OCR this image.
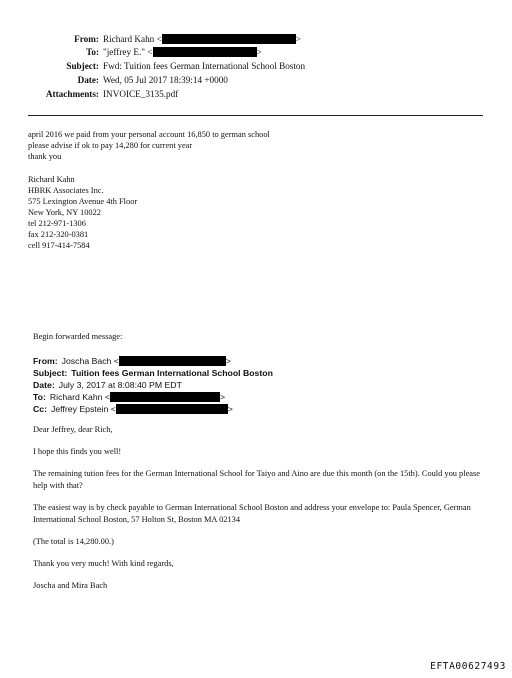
From: Richard Kahn <	>
To: "jeffrey E." <	>
Subject: Fwd: Tuition fees German International School Boston
Date: Wed, 05 Jul 2017 18:39:14 +0000
Attachments: INVOICE_3135.pdf
april 2016 we paid from your personal account 16,850 to german school
please advise if ok to pay 14,280 for current year
thank you
Richard Kahn
HBRK Associates Inc.
575 Lexington Avenue 4th Floor
New York, NY 10022
tel 212-971-1306
fax 212-320-0381
cell 917-414-7584
Begin forwarded message:
From: Joscha Bach <	>
Subject: Tuition fees German International School Boston
Date: July 3, 2017 at 8:08:40 PM EDT
To: Richard Kahn <	>
Cc: Jeffrey Epstein <	>
Dear Jeffrey, dear Rich,
I hope this finds you well!
The remaining tution fees for the German International School for Taiyo and Aino are due this month (on the 15th). Could you please help with that?
The easiest way is by check payable to German International School Boston and address your envelope to: Paula Spencer, German International School Boston, 57 Holton St, Boston MA 02134
(The total is 14,280.00.)
Thank you very much! With kind regards,
Joscha and Mira Bach
EFTA00627493
